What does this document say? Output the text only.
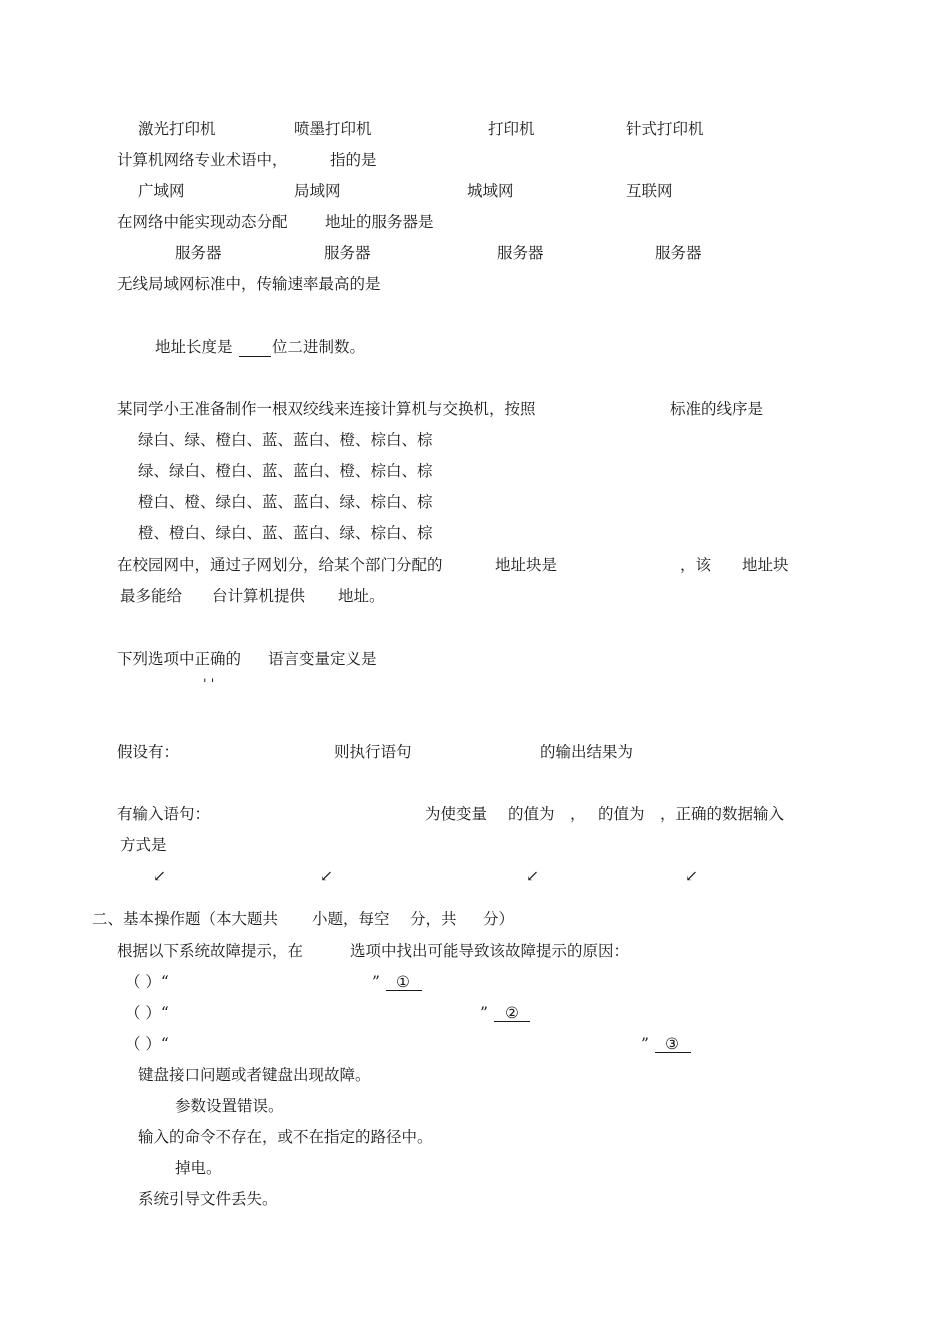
激光打印机	喷墨打印机	打印机	针式打印机
计算机网络专业术语中，	指的是
广域网	局域网	城域网	互联网
在网络中能实现动态分配 地址的服务器是
服务器	服务器	服务器	服务器
无线局域网标准中，传输速率最高的是
地址长度是	位二进制数。
某同学小王准备制作一根双绞线来连接计算机与交换机，按照	标准的线序是
绿白、绿、橙白、蓝、蓝白、橙、棕白、棕
绿、绿白、橙白、蓝、蓝白、橙、棕白、棕
橙白、橙、绿白、蓝、蓝白、绿、棕白、棕
橙、橙白、绿白、蓝、蓝白、绿、棕白、棕
在校园网中，通过子网划分，给某个部门分配的	地址块是	，该 地址块
最多能给 台计算机提供 地址。
下列选项中正确的 语言变量定义是
' '
假设有：	则执行语句	的输出结果为
有输入语句：	为使变量 的值为 ， 的值为 ，正确的数据输入
方式是
↙	↙	↙	↙
二、基本操作题（本大题共 小题，每空 分，共 分）
根据以下系统故障提示，在	选项中找出可能导致该故障提示的原因：
（ ）“	” ①
（ ）“	” ②
（ ）“	” ③
键盘接口问题或者键盘出现故障。
参数设置错误。
输入的命令不存在，或不在指定的路径中。
掉电。
系统引导文件丢失。
